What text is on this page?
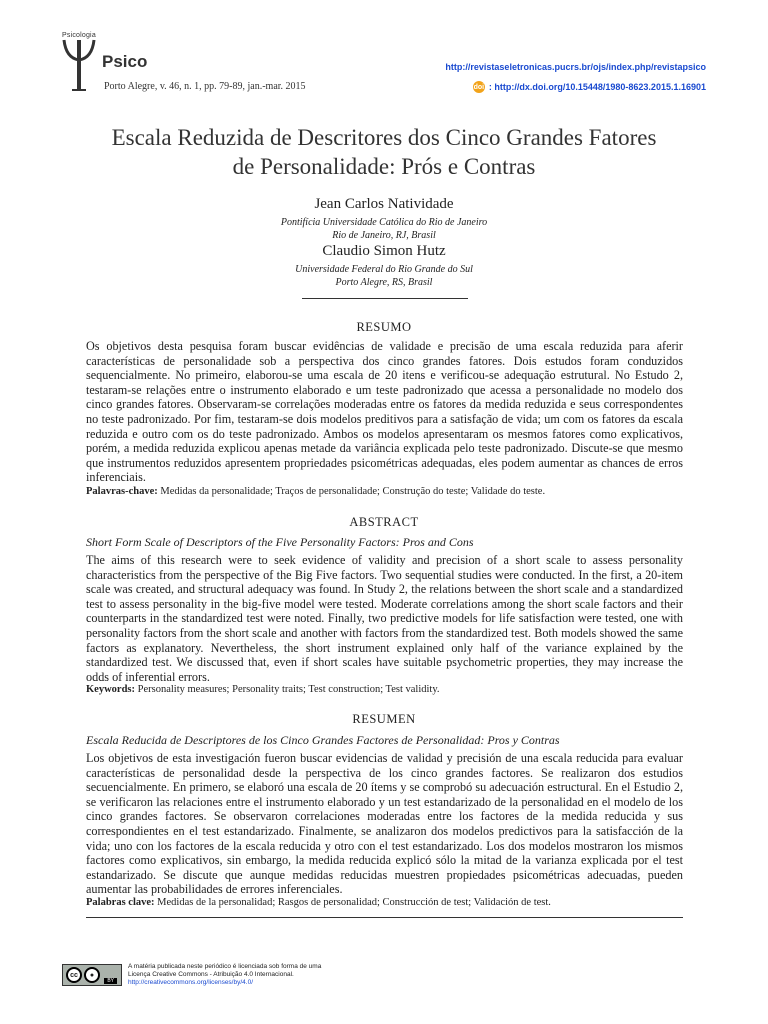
Psicologia
Psico
Porto Alegre, v. 46, n. 1, pp. 79-89, jan.-mar. 2015
http://revistaseletronicas.pucrs.br/ojs/index.php/revistapsico
doi : http://dx.doi.org/10.15448/1980-8623.2015.1.16901
Escala Reduzida de Descritores dos Cinco Grandes Fatores
de Personalidade: Prós e Contras
Jean Carlos Natividade
Pontifícia Universidade Católica do Rio de Janeiro
Rio de Janeiro, RJ, Brasil
Claudio Simon Hutz
Universidade Federal do Rio Grande do Sul
Porto Alegre, RS, Brasil
RESUMO
Os objetivos desta pesquisa foram buscar evidências de validade e precisão de uma escala reduzida para aferir características de personalidade sob a perspectiva dos cinco grandes fatores. Dois estudos foram conduzidos sequencialmente. No primeiro, elaborou-se uma escala de 20 itens e verificou-se adequação estrutural. No Estudo 2, testaram-se relações entre o instrumento elaborado e um teste padronizado que acessa a personalidade no modelo dos cinco grandes fatores. Observaram-se correlações moderadas entre os fatores da medida reduzida e seus correspondentes no teste padronizado. Por fim, testaram-se dois modelos preditivos para a satisfação de vida; um com os fatores da escala reduzida e outro com os do teste padronizado. Ambos os modelos apresentaram os mesmos fatores como explicativos, porém, a medida reduzida explicou apenas metade da variância explicada pelo teste padronizado. Discute-se que mesmo que instrumentos reduzidos apresentem propriedades psicométricas adequadas, eles podem aumentar as chances de erros inferenciais.
Palavras-chave: Medidas da personalidade; Traços de personalidade; Construção do teste; Validade do teste.
ABSTRACT
Short Form Scale of Descriptors of the Five Personality Factors: Pros and Cons
The aims of this research were to seek evidence of validity and precision of a short scale to assess personality characteristics from the perspective of the Big Five factors. Two sequential studies were conducted. In the first, a 20-item scale was created, and structural adequacy was found. In Study 2, the relations between the short scale and a standardized test to assess personality in the big-five model were tested. Moderate correlations among the short scale factors and their counterparts in the standardized test were noted. Finally, two predictive models for life satisfaction were tested, one with personality factors from the short scale and another with factors from the standardized test. Both models showed the same factors as explanatory. Nevertheless, the short instrument explained only half of the variance explained by the standardized test. We discussed that, even if short scales have suitable psychometric properties, they may increase the odds of inferential errors.
Keywords: Personality measures; Personality traits; Test construction; Test validity.
RESUMEN
Escala Reducida de Descriptores de los Cinco Grandes Factores de Personalidad: Pros y Contras
Los objetivos de esta investigación fueron buscar evidencias de validad y precisión de una escala reducida para evaluar características de personalidad desde la perspectiva de los cinco grandes factores. Se realizaron dos estudios secuencialmente. En primero, se elaboró una escala de 20 ítems y se comprobó su adecuación estructural. En el Estudio 2, se verificaron las relaciones entre el instrumento elaborado y un test estandarizado de la personalidad en el modelo de los cinco grandes factores. Se observaron correlaciones moderadas entre los factores de la medida reducida y sus correspondientes en el test estandarizado. Finalmente, se analizaron dos modelos predictivos para la satisfacción de la vida; uno con los factores de la escala reducida y otro con el test estandarizado. Los dos modelos mostraron los mismos factores como explicativos, sin embargo, la medida reducida explicó sólo la mitad de la varianza explicada por el test estandarizado. Se discute que aunque medidas reducidas muestren propiedades psicométricas adecuadas, pueden aumentar las probabilidades de errores inferenciales.
Palabras clave: Medidas de la personalidad; Rasgos de personalidad; Construcción de test; Validación de test.
cc	●
BY
A matéria publicada neste periódico é licenciada sob forma de uma
Licença Creative Commons - Atribuição 4.0 Internacional.
http://creativecommons.org/licenses/by/4.0/
